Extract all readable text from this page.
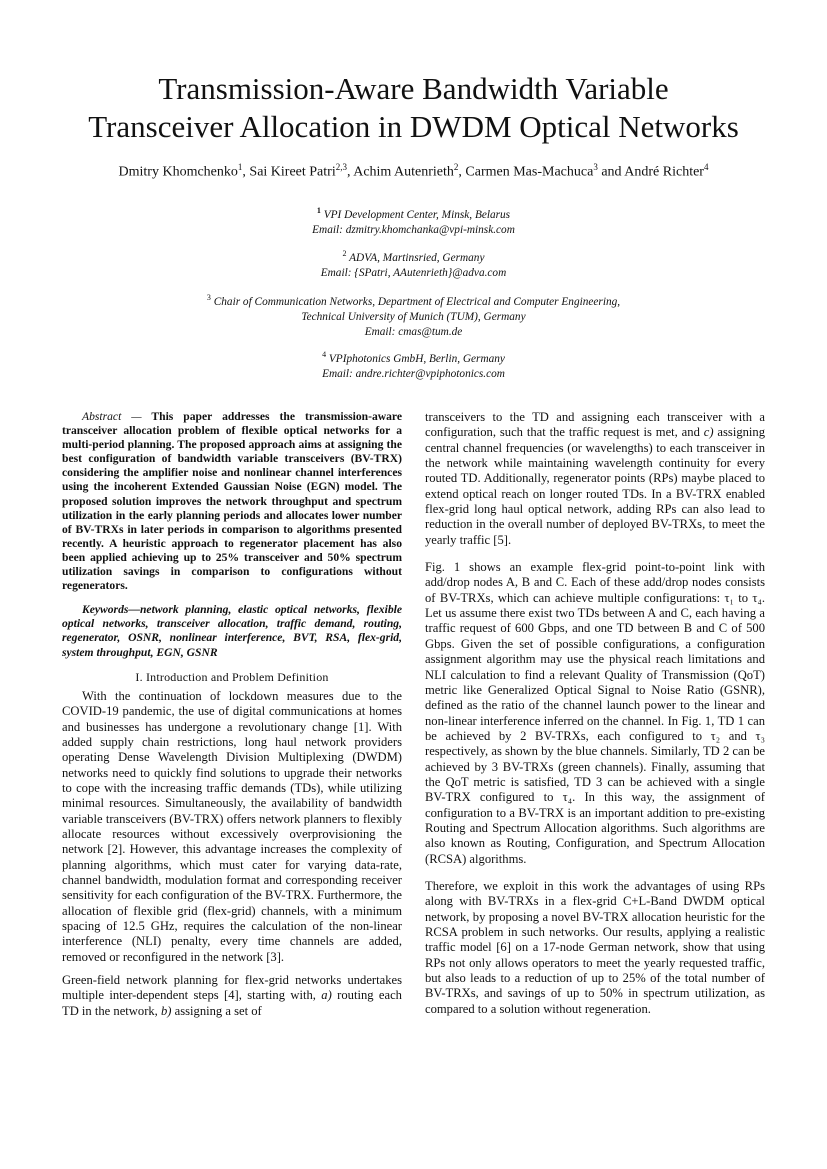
Transmission-Aware Bandwidth Variable
Transceiver Allocation in DWDM Optical Networks
Dmitry Khomchenko$^1$, Sai Kireet Patri$^{2,3}$, Achim Autenrieth$^2$, Carmen Mas-Machuca$^3$ and André Richter$^4$
$^1$ VPI Development Center, Minsk, Belarus
Email: dzmitry.khomchanka@vpi-minsk.com
$^2$ ADVA, Martinsried, Germany
Email: {SPatri, AAutenrieth}@adva.com
$^3$ Chair of Communication Networks, Department of Electrical and Computer Engineering,
Technical University of Munich (TUM), Germany
Email: cmas@tum.de
$^4$ VPIphotonics GmbH, Berlin, Germany
Email: andre.richter@vpiphotonics.com

Abstract — This paper addresses the transmission-aware transceiver allocation problem of flexible optical networks for a multi-period planning. The proposed approach aims at assigning the best configuration of bandwidth variable transceivers (BV-TRX) considering the amplifier noise and nonlinear channel interferences using the incoherent Extended Gaussian Noise (EGN) model. The proposed solution improves the network throughput and spectrum utilization in the early planning periods and allocates lower number of BV-TRXs in later periods in comparison to algorithms presented recently. A heuristic approach to regenerator placement has also been applied achieving up to 25% transceiver and 50% spectrum utilization savings in comparison to configurations without regenerators.

Keywords—network planning, elastic optical networks, flexible optical networks, transceiver allocation, traffic demand, routing, regenerator, OSNR, nonlinear interference, BVT, RSA, flex-grid, system throughput, EGN, GSNR

I. Introduction and Problem Definition

With the continuation of lockdown measures due to the COVID-19 pandemic, the use of digital communications at homes and businesses has undergone a revolutionary change [1]. With added supply chain restrictions, long haul network providers operating Dense Wavelength Division Multiplexing (DWDM) networks need to quickly find solutions to upgrade their networks to cope with the increasing traffic demands (TDs), while utilizing minimal resources. Simultaneously, the availability of bandwidth variable transceivers (BV-TRX) offers network planners to flexibly allocate resources without excessively overprovisioning the network [2]. However, this advantage increases the complexity of planning algorithms, which must cater for varying data-rate, channel bandwidth, modulation format and corresponding receiver sensitivity for each configuration of the BV-TRX. Furthermore, the allocation of flexible grid (flex-grid) channels, with a minimum spacing of 12.5 GHz, requires the calculation of the non-linear interference (NLI) penalty, every time channels are added, removed or reconfigured in the network [3].

Green-field network planning for flex-grid networks undertakes multiple inter-dependent steps [4], starting with, a) routing each TD in the network, b) assigning a set of

transceivers to the TD and assigning each transceiver with a configuration, such that the traffic request is met, and c) assigning central channel frequencies (or wavelengths) to each transceiver in the network while maintaining wavelength continuity for every routed TD. Additionally, regenerator points (RPs) maybe placed to extend optical reach on longer routed TDs. In a BV-TRX enabled flex-grid long haul optical network, adding RPs can also lead to reduction in the overall number of deployed BV-TRXs, to meet the yearly traffic [5].

Fig. 1 shows an example flex-grid point-to-point link with add/drop nodes A, B and C. Each of these add/drop nodes consists of BV-TRXs, which can achieve multiple configurations: τ₁ to τ₄. Let us assume there exist two TDs between A and C, each having a traffic request of 600 Gbps, and one TD between B and C of 500 Gbps. Given the set of possible configurations, a configuration assignment algorithm may use the physical reach limitations and NLI calculation to find a relevant Quality of Transmission (QoT) metric like Generalized Optical Signal to Noise Ratio (GSNR), defined as the ratio of the channel launch power to the linear and non-linear interference inferred on the channel. In Fig. 1, TD 1 can be achieved by 2 BV-TRXs, each configured to τ₂ and τ₃ respectively, as shown by the blue channels. Similarly, TD 2 can be achieved by 3 BV-TRXs (green channels). Finally, assuming that the QoT metric is satisfied, TD 3 can be achieved with a single BV-TRX configured to τ₄. In this way, the assignment of configuration to a BV-TRX is an important addition to pre-existing Routing and Spectrum Allocation algorithms. Such algorithms are also known as Routing, Configuration, and Spectrum Allocation (RCSA) algorithms.

Therefore, we exploit in this work the advantages of using RPs along with BV-TRXs in a flex-grid C+L-Band DWDM optical network, by proposing a novel BV-TRX allocation heuristic for the RCSA problem in such networks. Our results, applying a realistic traffic model [6] on a 17-node German network, show that using RPs not only allows operators to meet the yearly requested traffic, but also leads to a reduction of up to 25% of the total number of BV-TRXs, and savings of up to 50% in spectrum utilization, as compared to a solution without regeneration.
